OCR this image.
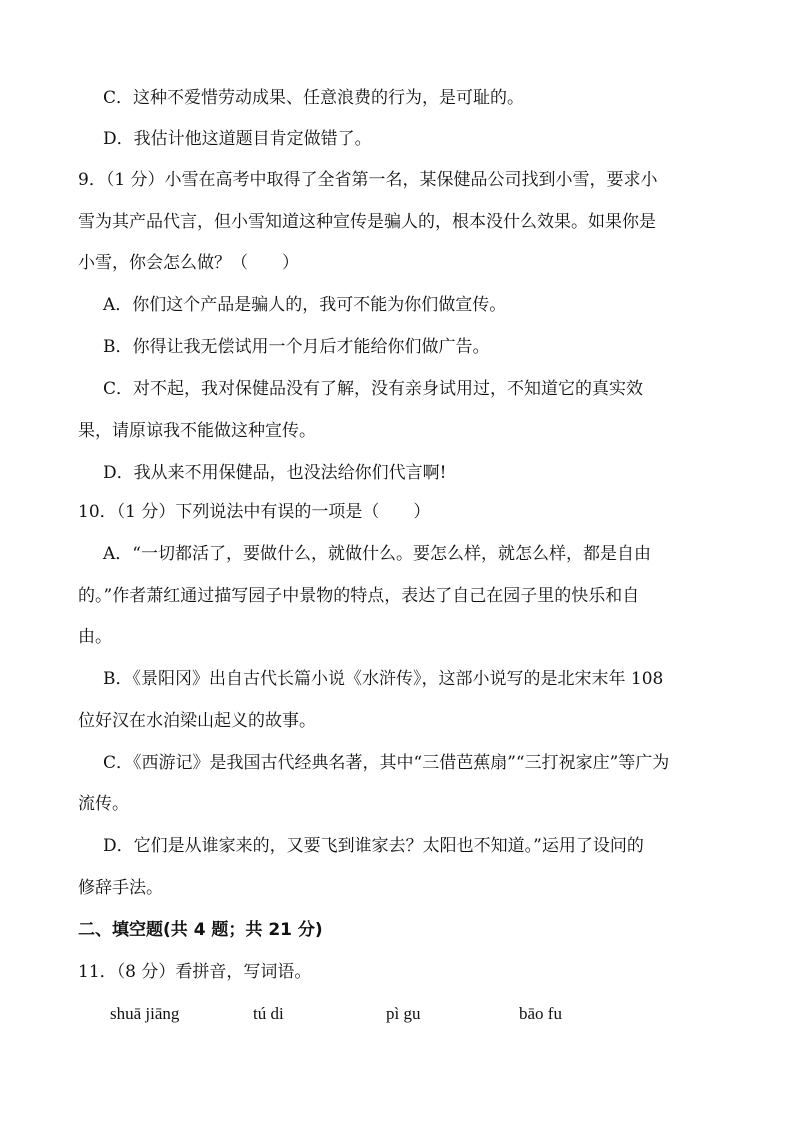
C．这种不爱惜劳动成果、任意浪费的行为，是可耻的。
D．我估计他这道题目肯定做错了。
9．（1 分）小雪在高考中取得了全省第一名，某保健品公司找到小雪，要求小
雪为其产品代言，但小雪知道这种宣传是骗人的，根本没什么效果。如果你是
小雪，你会怎么做？（　　）
A．你们这个产品是骗人的，我可不能为你们做宣传。
B．你得让我无偿试用一个月后才能给你们做广告。
C．对不起，我对保健品没有了解，没有亲身试用过，不知道它的真实效
果，请原谅我不能做这种宣传。
D．我从来不用保健品，也没法给你们代言啊!
10．（1 分）下列说法中有误的一项是（　　）
A．“一切都活了，要做什么，就做什么。要怎么样，就怎么样，都是自由
的。”作者萧红通过描写园子中景物的特点，表达了自己在园子里的快乐和自
由。
B．《景阳冈》出自古代长篇小说《水浒传》，这部小说写的是北宋末年 108
位好汉在水泊梁山起义的故事。
C．《西游记》是我国古代经典名著，其中“三借芭蕉扇”“三打祝家庄”等广为
流传。
D．它们是从谁家来的，又要飞到谁家去？太阳也不知道。”运用了设问的
修辞手法。
二、填空题(共 4 题；共 21 分)
11．（8 分）看拼音，写词语。
shuā jiāng	tú di	pì gu	bāo fu
